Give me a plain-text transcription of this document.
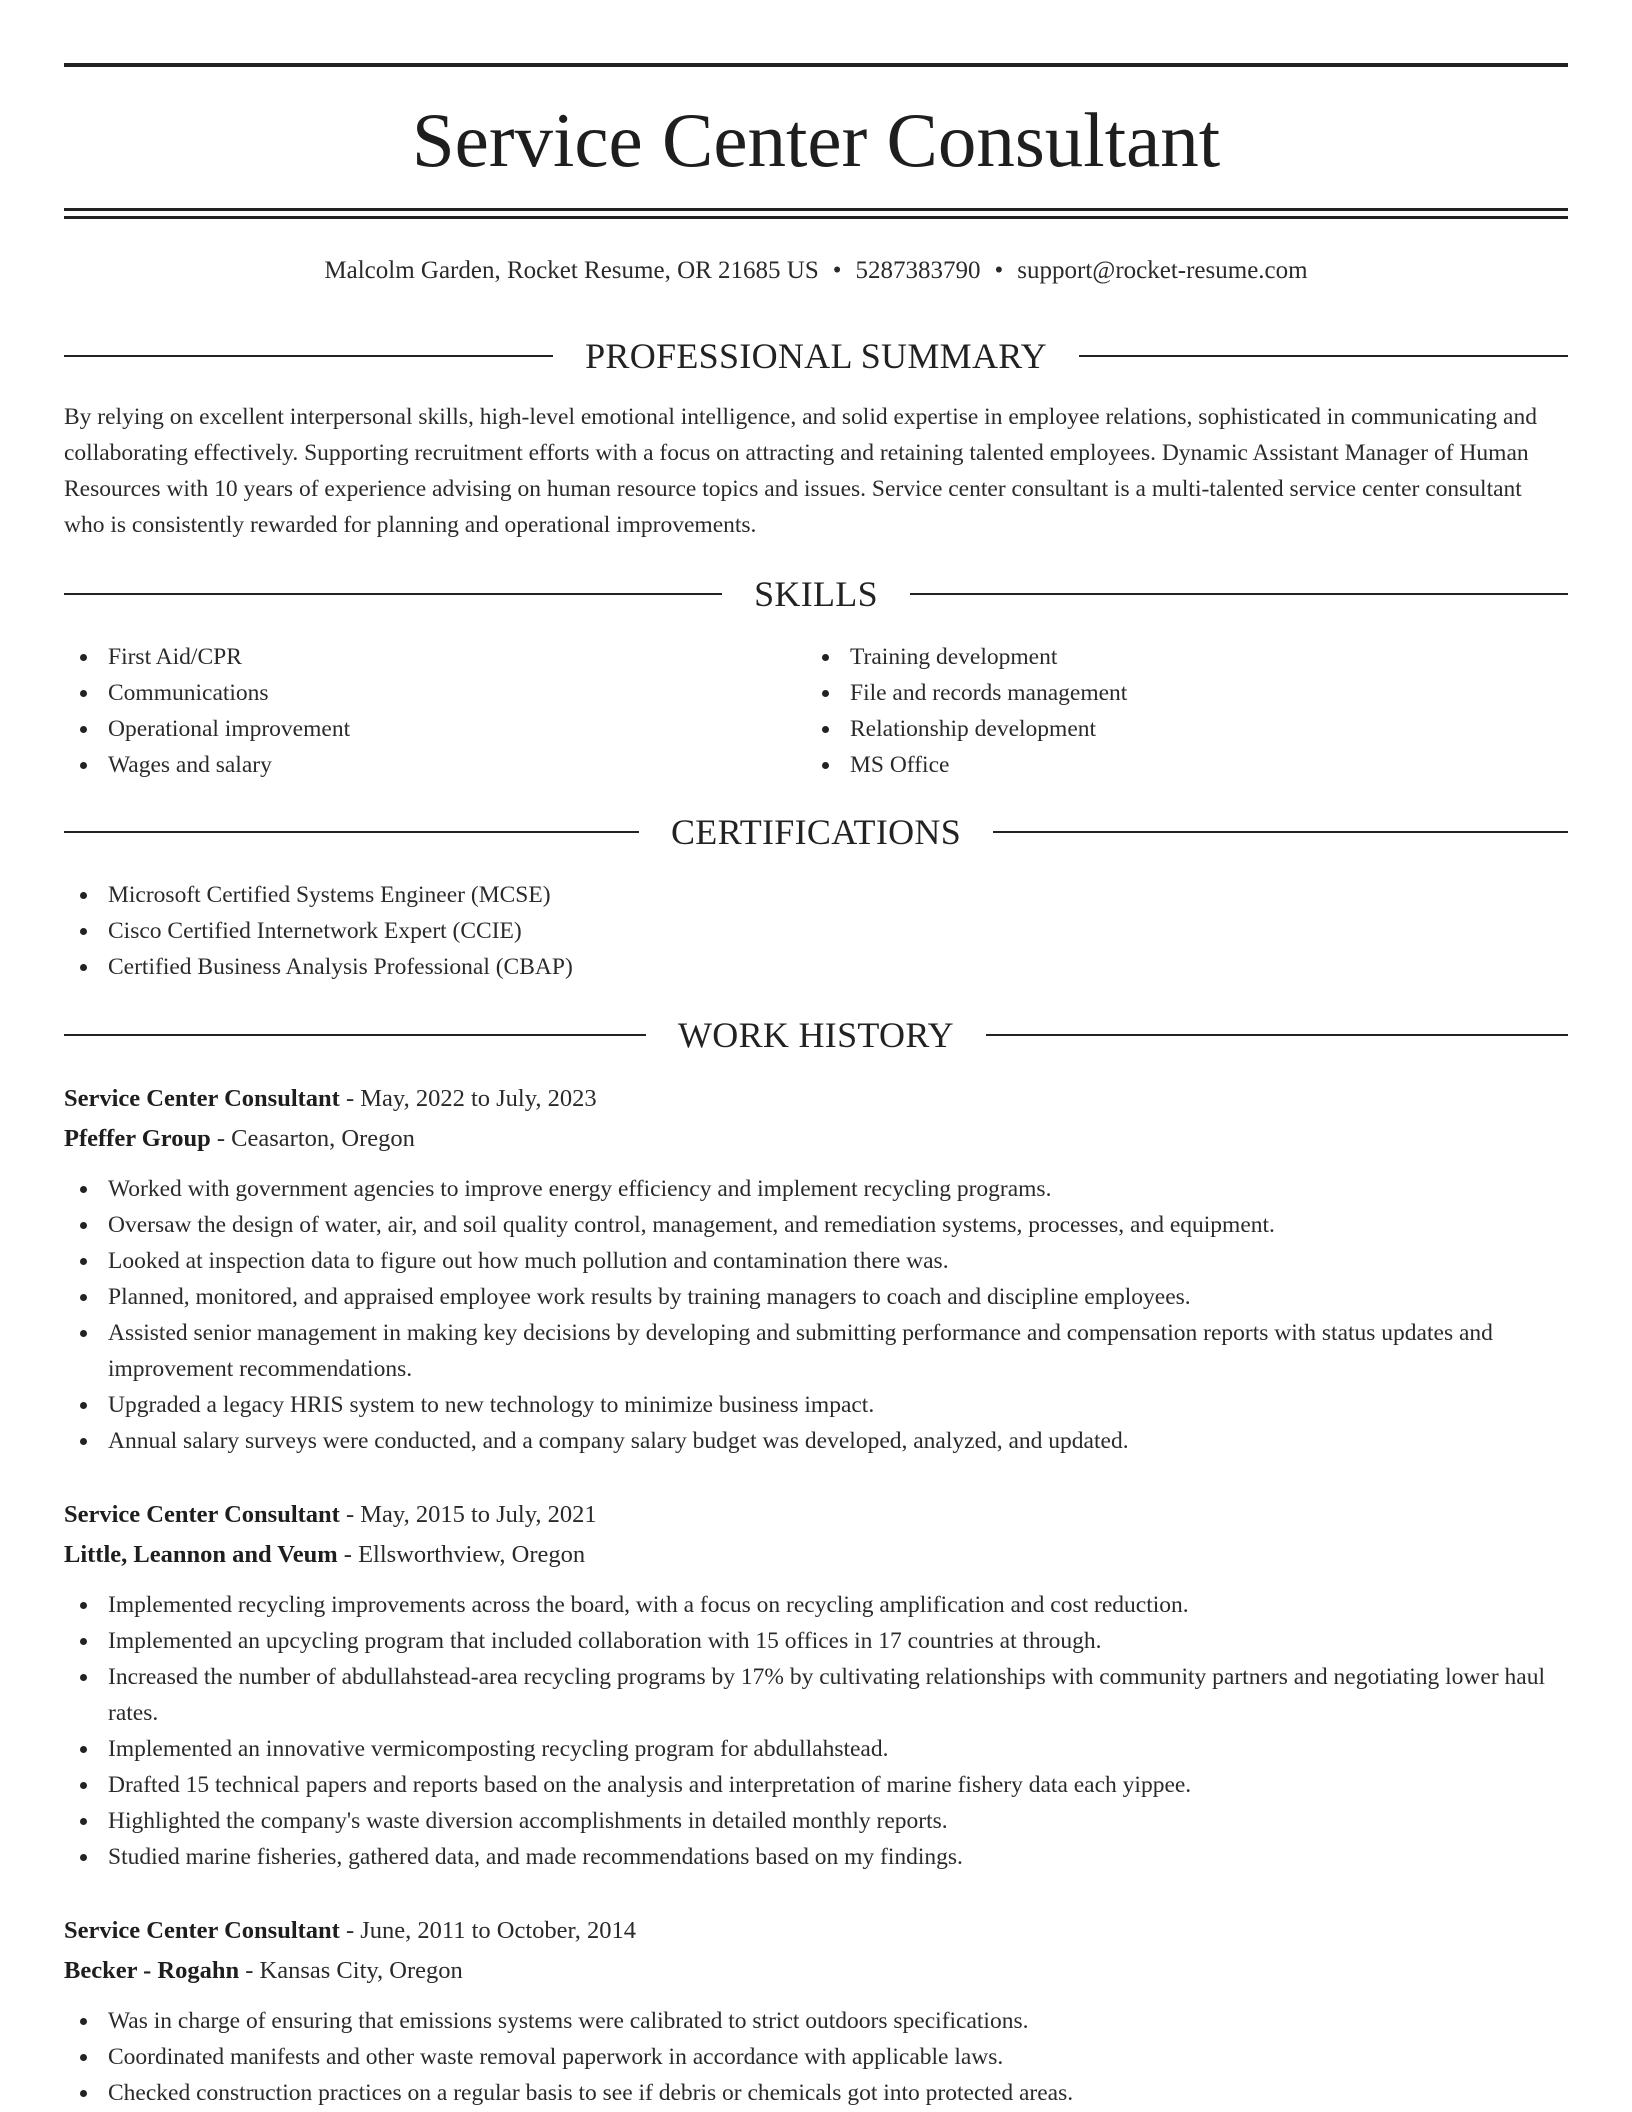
Service Center Consultant
Malcolm Garden, Rocket Resume, OR 21685 US • 5287383790 • support@rocket-resume.com
PROFESSIONAL SUMMARY

By relying on excellent interpersonal skills, high-level emotional intelligence, and solid expertise in employee relations, sophisticated in communicating and collaborating effectively. Supporting recruitment efforts with a focus on attracting and retaining talented employees. Dynamic Assistant Manager of Human Resources with 10 years of experience advising on human resource topics and issues. Service center consultant is a multi-talented service center consultant who is consistently rewarded for planning and operational improvements.

SKILLS
First Aid/CPR
Communications
Operational improvement
Wages and salary
Training development
File and records management
Relationship development
MS Office
CERTIFICATIONS
Microsoft Certified Systems Engineer (MCSE)
Cisco Certified Internetwork Expert (CCIE)
Certified Business Analysis Professional (CBAP)
WORK HISTORY
Service Center Consultant - May, 2022 to July, 2023
Pfeffer Group - Ceasarton, Oregon
Worked with government agencies to improve energy efficiency and implement recycling programs.
Oversaw the design of water, air, and soil quality control, management, and remediation systems, processes, and equipment.
Looked at inspection data to figure out how much pollution and contamination there was.
Planned, monitored, and appraised employee work results by training managers to coach and discipline employees.
Assisted senior management in making key decisions by developing and submitting performance and compensation reports with status updates and improvement recommendations.
Upgraded a legacy HRIS system to new technology to minimize business impact.
Annual salary surveys were conducted, and a company salary budget was developed, analyzed, and updated.
Service Center Consultant - May, 2015 to July, 2021
Little, Leannon and Veum - Ellsworthview, Oregon
Implemented recycling improvements across the board, with a focus on recycling amplification and cost reduction.
Implemented an upcycling program that included collaboration with 15 offices in 17 countries at through.
Increased the number of abdullahstead-area recycling programs by 17% by cultivating relationships with community partners and negotiating lower haul rates.
Implemented an innovative vermicomposting recycling program for abdullahstead.
Drafted 15 technical papers and reports based on the analysis and interpretation of marine fishery data each yippee.
Highlighted the company's waste diversion accomplishments in detailed monthly reports.
Studied marine fisheries, gathered data, and made recommendations based on my findings.
Service Center Consultant - June, 2011 to October, 2014
Becker - Rogahn - Kansas City, Oregon
Was in charge of ensuring that emissions systems were calibrated to strict outdoors specifications.
Coordinated manifests and other waste removal paperwork in accordance with applicable laws.
Checked construction practices on a regular basis to see if debris or chemicals got into protected areas.
